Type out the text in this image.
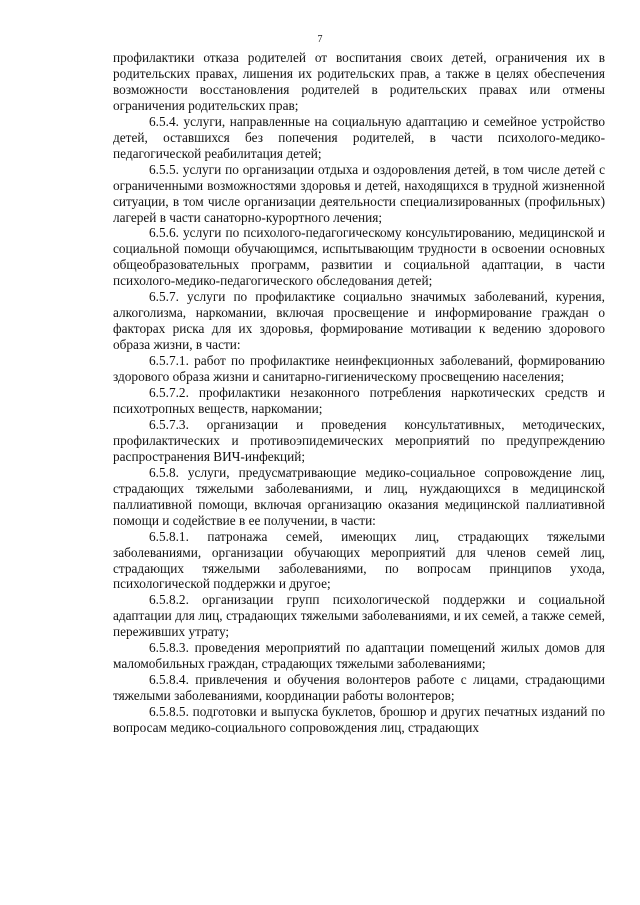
7

профилактики отказа родителей от воспитания своих детей, ограничения их в родительских правах, лишения их родительских прав, а также в целях обеспечения возможности восстановления родителей в родительских правах или отмены ограничения родительских прав;

6.5.4. услуги, направленные на социальную адаптацию и семейное устройство детей, оставшихся без попечения родителей, в части психолого-медико-педагогической реабилитация детей;

6.5.5. услуги по организации отдыха и оздоровления детей, в том числе детей с ограниченными возможностями здоровья и детей, находящихся в трудной жизненной ситуации, в том числе организации деятельности специализированных (профильных) лагерей в части санаторно-курортного лечения;

6.5.6. услуги по психолого-педагогическому консультированию, медицинской и социальной помощи обучающимся, испытывающим трудности в освоении основных общеобразовательных программ, развитии и социальной адаптации, в части психолого-медико-педагогического обследования детей;

6.5.7. услуги по профилактике социально значимых заболеваний, курения, алкоголизма, наркомании, включая просвещение и информирование граждан о факторах риска для их здоровья, формирование мотивации к ведению здорового образа жизни, в части:

6.5.7.1. работ по профилактике неинфекционных заболеваний, формированию здорового образа жизни и санитарно-гигиеническому просвещению населения;

6.5.7.2. профилактики незаконного потребления наркотических средств и психотропных веществ, наркомании;

6.5.7.3. организации и проведения консультативных, методических, профилактических и противоэпидемических мероприятий по предупреждению распространения ВИЧ-инфекций;

6.5.8. услуги, предусматривающие медико-социальное сопровождение лиц, страдающих тяжелыми заболеваниями, и лиц, нуждающихся в медицинской паллиативной помощи, включая организацию оказания медицинской паллиативной помощи и содействие в ее получении, в части:

6.5.8.1. патронажа семей, имеющих лиц, страдающих тяжелыми заболеваниями, организации обучающих мероприятий для членов семей лиц, страдающих тяжелыми заболеваниями, по вопросам принципов ухода, психологической поддержки и другое;

6.5.8.2. организации групп психологической поддержки и социальной адаптации для лиц, страдающих тяжелыми заболеваниями, и их семей, а также семей, переживших утрату;

6.5.8.3. проведения мероприятий по адаптации помещений жилых домов для маломобильных граждан, страдающих тяжелыми заболеваниями;

6.5.8.4. привлечения и обучения волонтеров работе с лицами, страдающими тяжелыми заболеваниями, координации работы волонтеров;

6.5.8.5. подготовки и выпуска буклетов, брошюр и других печатных изданий по вопросам медико-социального сопровождения лиц, страдающих
